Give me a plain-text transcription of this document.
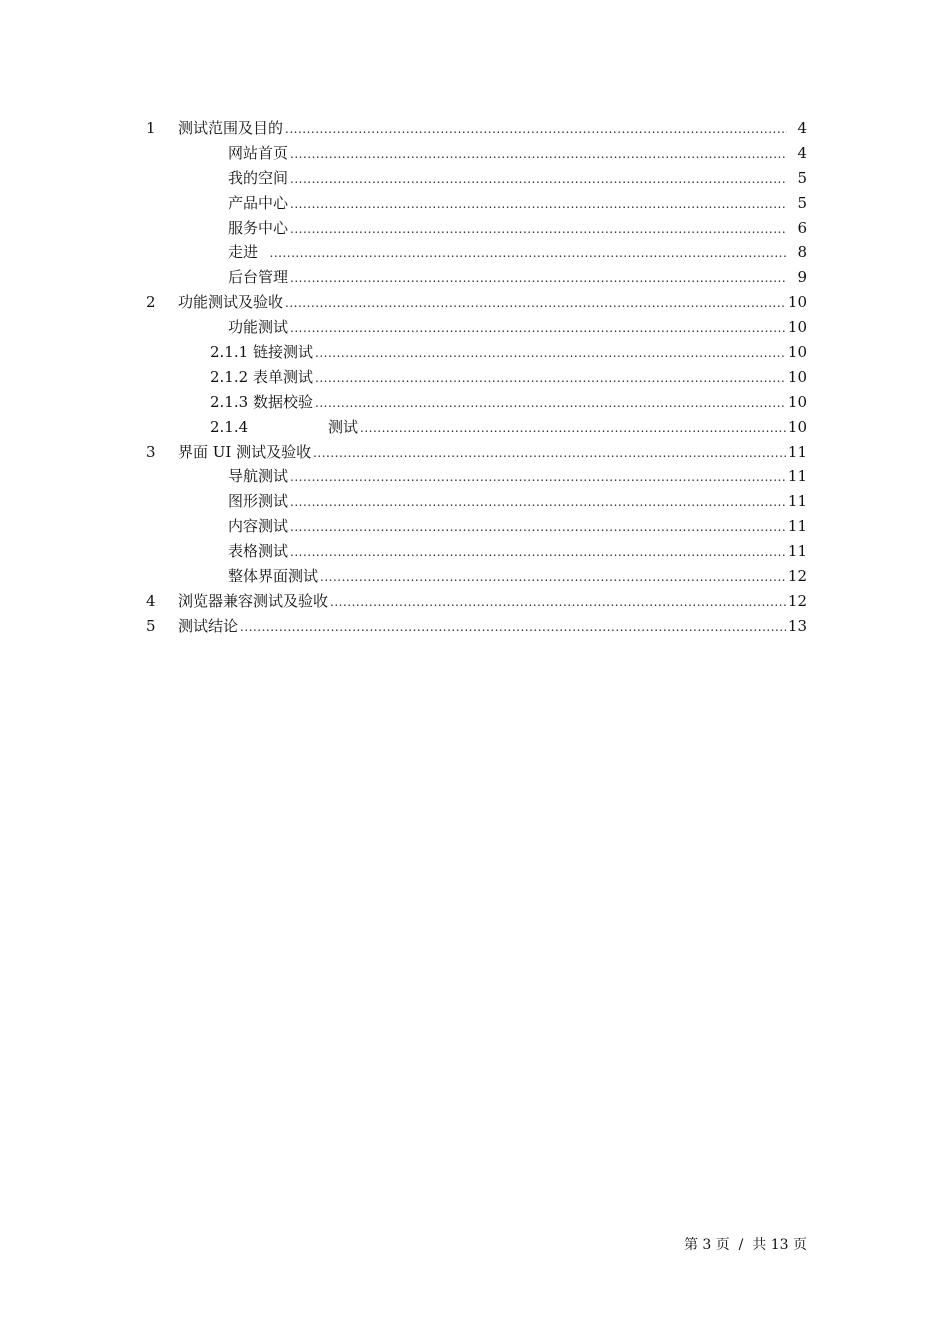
1 测试范围及目的 .....	4
网站首页 .....	4
我的空间 .....	5
产品中心 .....	5
服务中心 .....	6
走进 .....	8
后台管理 .....	9
2 功能测试及验收 .....	10
功能测试 .....	10
2.1.1 链接测试 .....	10
2.1.2 表单测试 .....	10
2.1.3 数据校验 .....	10
2.1.4	测试 .....	10
3 界面 UI 测试及验收 .....	11
导航测试 .....	11
图形测试 .....	11
内容测试 .....	11
表格测试 .....	11
整体界面测试 .....	12
4 浏览器兼容测试及验收 .....	12
5 测试结论 .....	13
第 3 页  /  共 13 页
